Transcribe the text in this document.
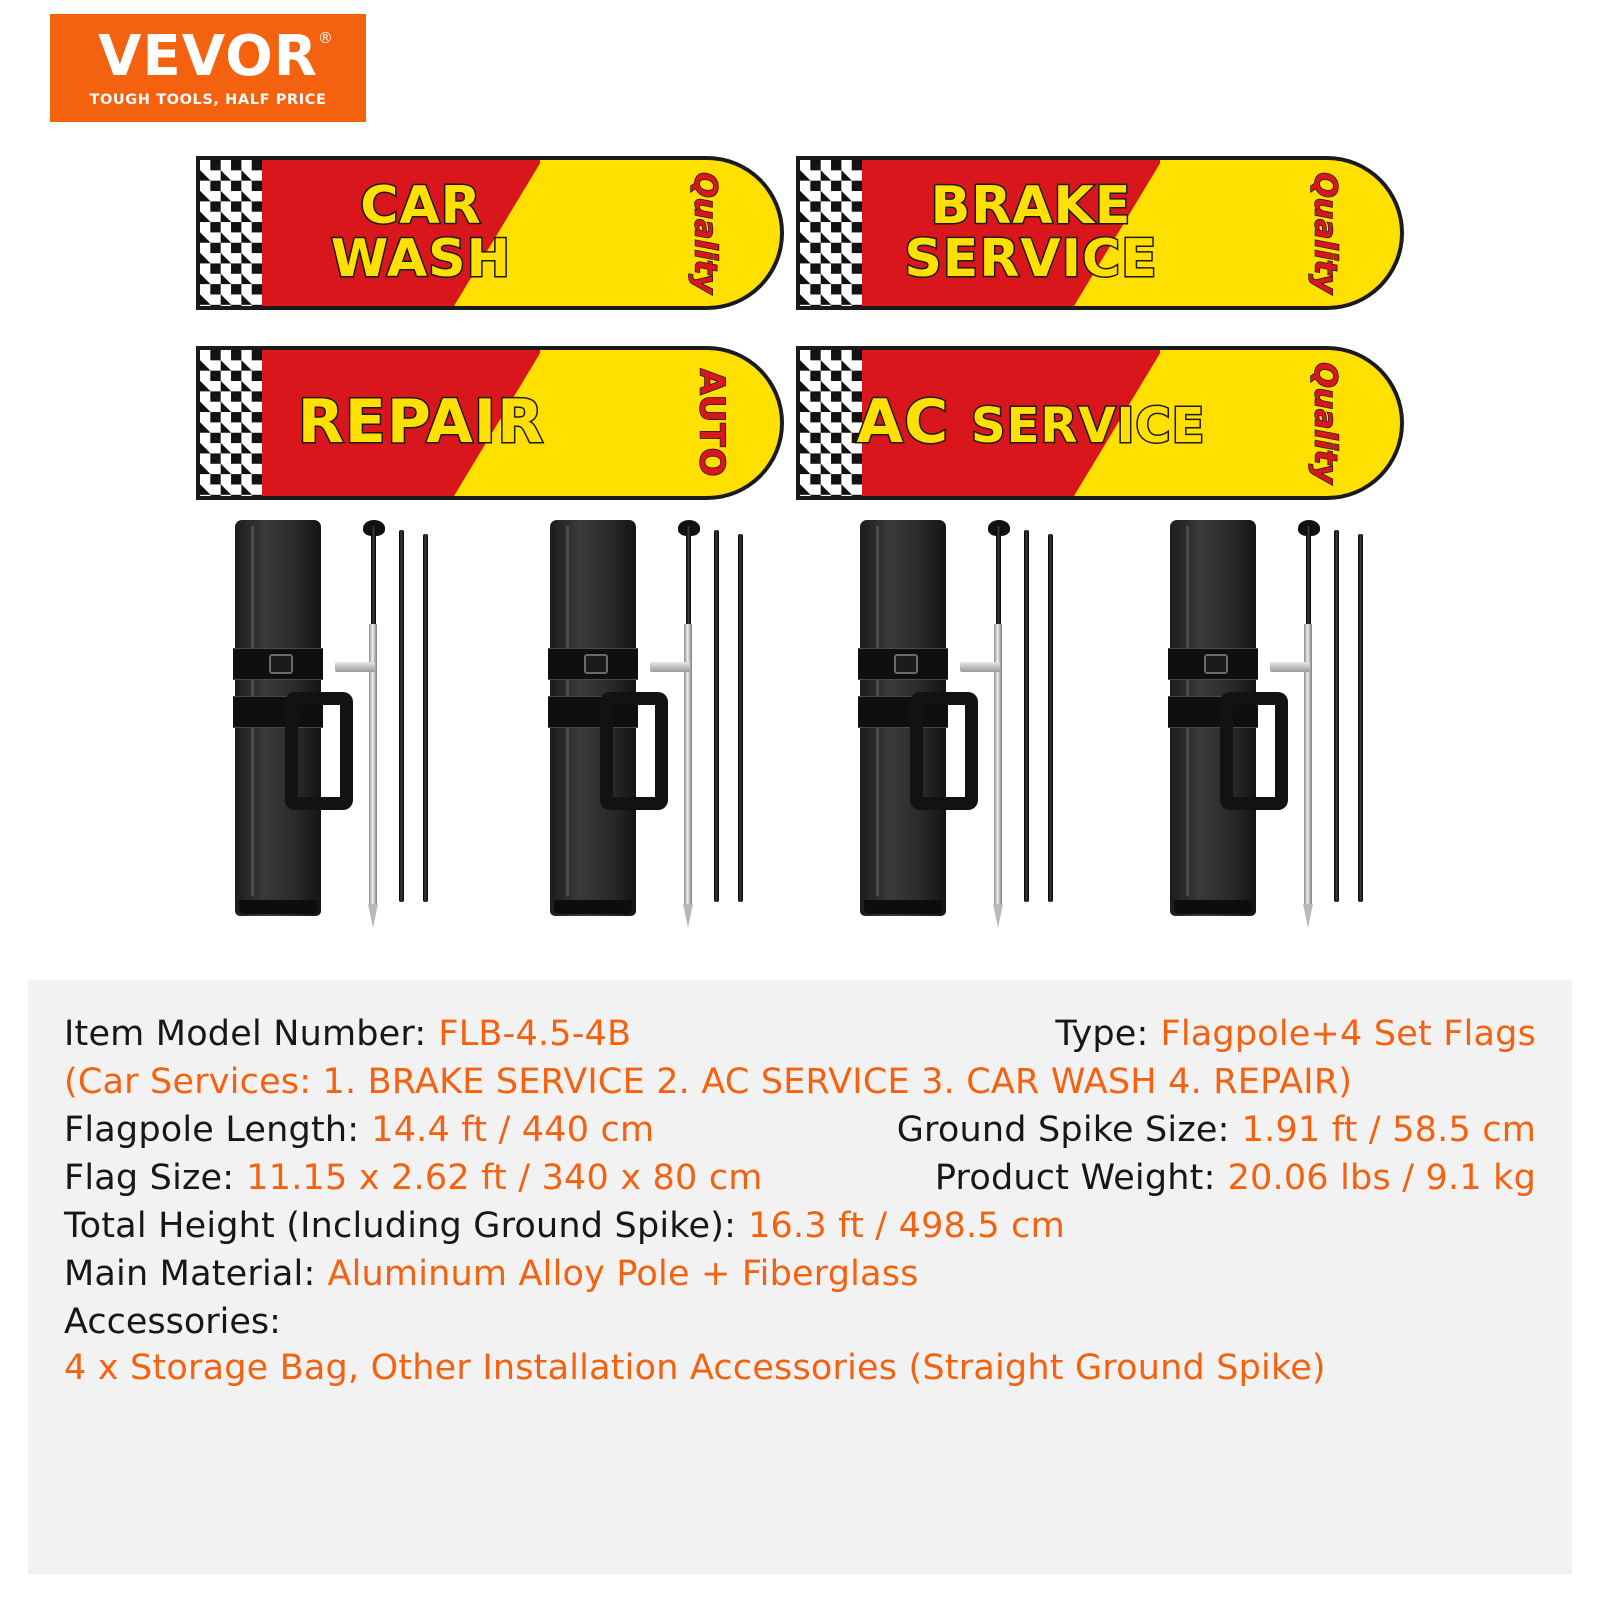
VEVOR ®
TOUGH TOOLS, HALF PRICE
CAR
WASH	Quality	BRAKE
SERVICE	Quality
REPAIR	AUTO AC SERVICE	Quality
Item Model Number: FLB-4.5-4B	Type: Flagpole+4 Set Flags
(Car Services: 1. BRAKE SERVICE 2. AC SERVICE 3. CAR WASH 4. REPAIR)
Flagpole Length: 14.4 ft / 440 cm	Ground Spike Size: 1.91 ft / 58.5 cm
Flag Size: 11.15 x 2.62 ft / 340 x 80 cm	Product Weight: 20.06 lbs / 9.1 kg
Total Height (Including Ground Spike): 16.3 ft / 498.5 cm
Main Material: Aluminum Alloy Pole + Fiberglass
Accessories:
4 x Storage Bag, Other Installation Accessories (Straight Ground Spike)
